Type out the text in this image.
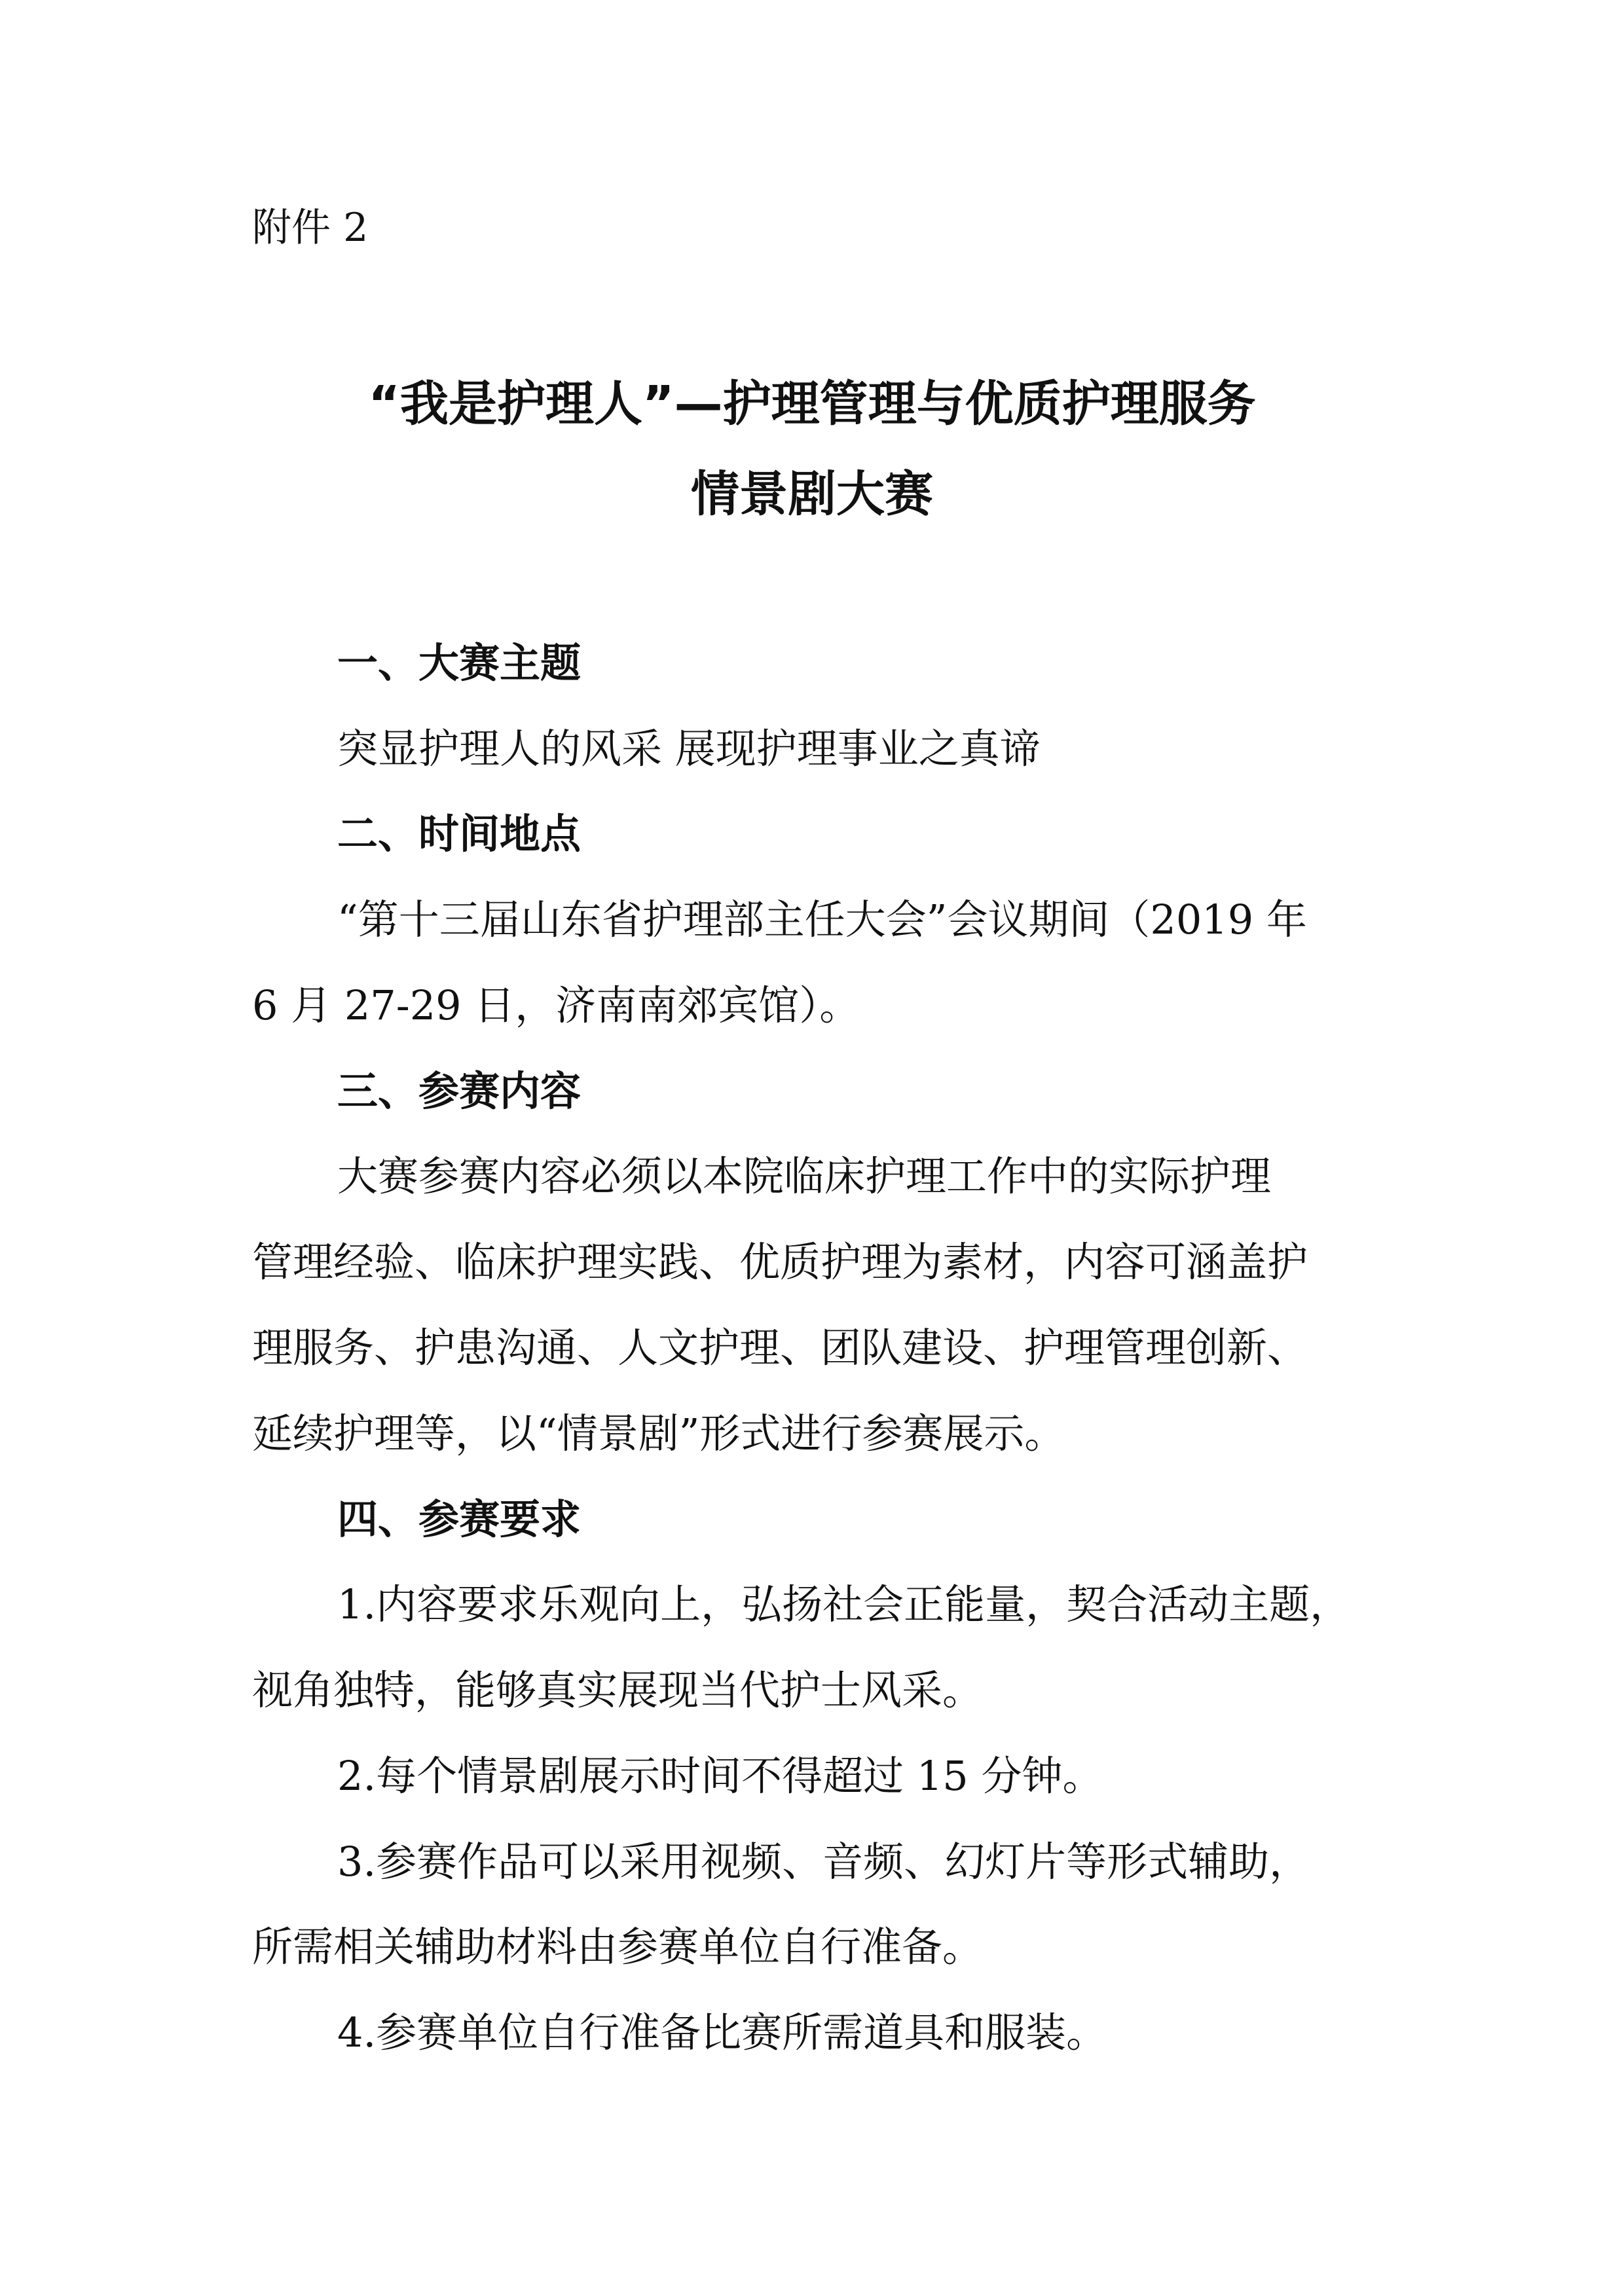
附件 2
“我是护理人”—护理管理与优质护理服务
情景剧大赛
一、大赛主题
突显护理人的风采 展现护理事业之真谛
二、时间地点
“第十三届山东省护理部主任大会”会议期间（2019 年
6 月 27-29 日，济南南郊宾馆）。
三、参赛内容
大赛参赛内容必须以本院临床护理工作中的实际护理
管理经验、临床护理实践、优质护理为素材，内容可涵盖护
理服务、护患沟通、人文护理、团队建设、护理管理创新、
延续护理等，以“情景剧”形式进行参赛展示。
四、参赛要求
1.内容要求乐观向上，弘扬社会正能量，契合活动主题，
视角独特，能够真实展现当代护士风采。
2.每个情景剧展示时间不得超过 15 分钟。
3.参赛作品可以采用视频、音频、幻灯片等形式辅助，
所需相关辅助材料由参赛单位自行准备。
4.参赛单位自行准备比赛所需道具和服装。
